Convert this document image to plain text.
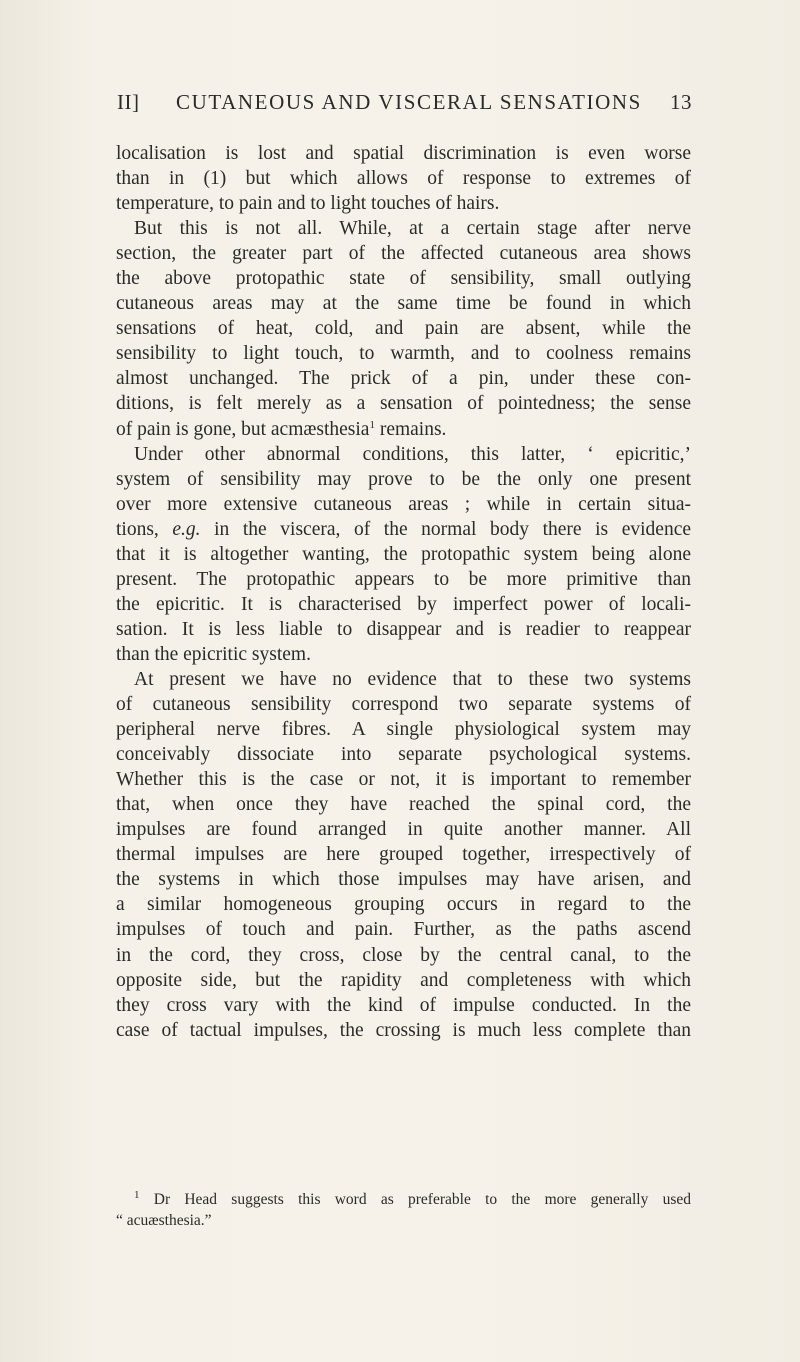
II]	CUTANEOUS AND VISCERAL SENSATIONS	13
localisation is lost and spatial discrimination is even worse
than in (1) but which allows of response to extremes of
temperature, to pain and to light touches of hairs.
But this is not all. While, at a certain stage after nerve
section, the greater part of the affected cutaneous area shows
the above protopathic state of sensibility, small outlying
cutaneous areas may at the same time be found in which
sensations of heat, cold, and pain are absent, while the
sensibility to light touch, to warmth, and to coolness remains
almost unchanged. The prick of a pin, under these con-
ditions, is felt merely as a sensation of pointedness; the sense
of pain is gone, but acmæsthesia$^1$ remains.
Under other abnormal conditions, this latter, ‘ epicritic,’
system of sensibility may prove to be the only one present
over more extensive cutaneous areas ; while in certain situa-
tions, e.g. in the viscera, of the normal body there is evidence
that it is altogether wanting, the protopathic system being alone
present. The protopathic appears to be more primitive than
the epicritic. It is characterised by imperfect power of locali-
sation. It is less liable to disappear and is readier to reappear
than the epicritic system.
At present we have no evidence that to these two systems
of cutaneous sensibility correspond two separate systems of
peripheral nerve fibres. A single physiological system may
conceivably dissociate into separate psychological systems.
Whether this is the case or not, it is important to remember
that, when once they have reached the spinal cord, the
impulses are found arranged in quite another manner. All
thermal impulses are here grouped together, irrespectively of
the systems in which those impulses may have arisen, and
a similar homogeneous grouping occurs in regard to the
impulses of touch and pain. Further, as the paths ascend
in the cord, they cross, close by the central canal, to the
opposite side, but the rapidity and completeness with which
they cross vary with the kind of impulse conducted. In the
case of tactual impulses, the crossing is much less complete than
$^1$ Dr Head suggests this word as preferable to the more generally used
“ acuæsthesia.”
